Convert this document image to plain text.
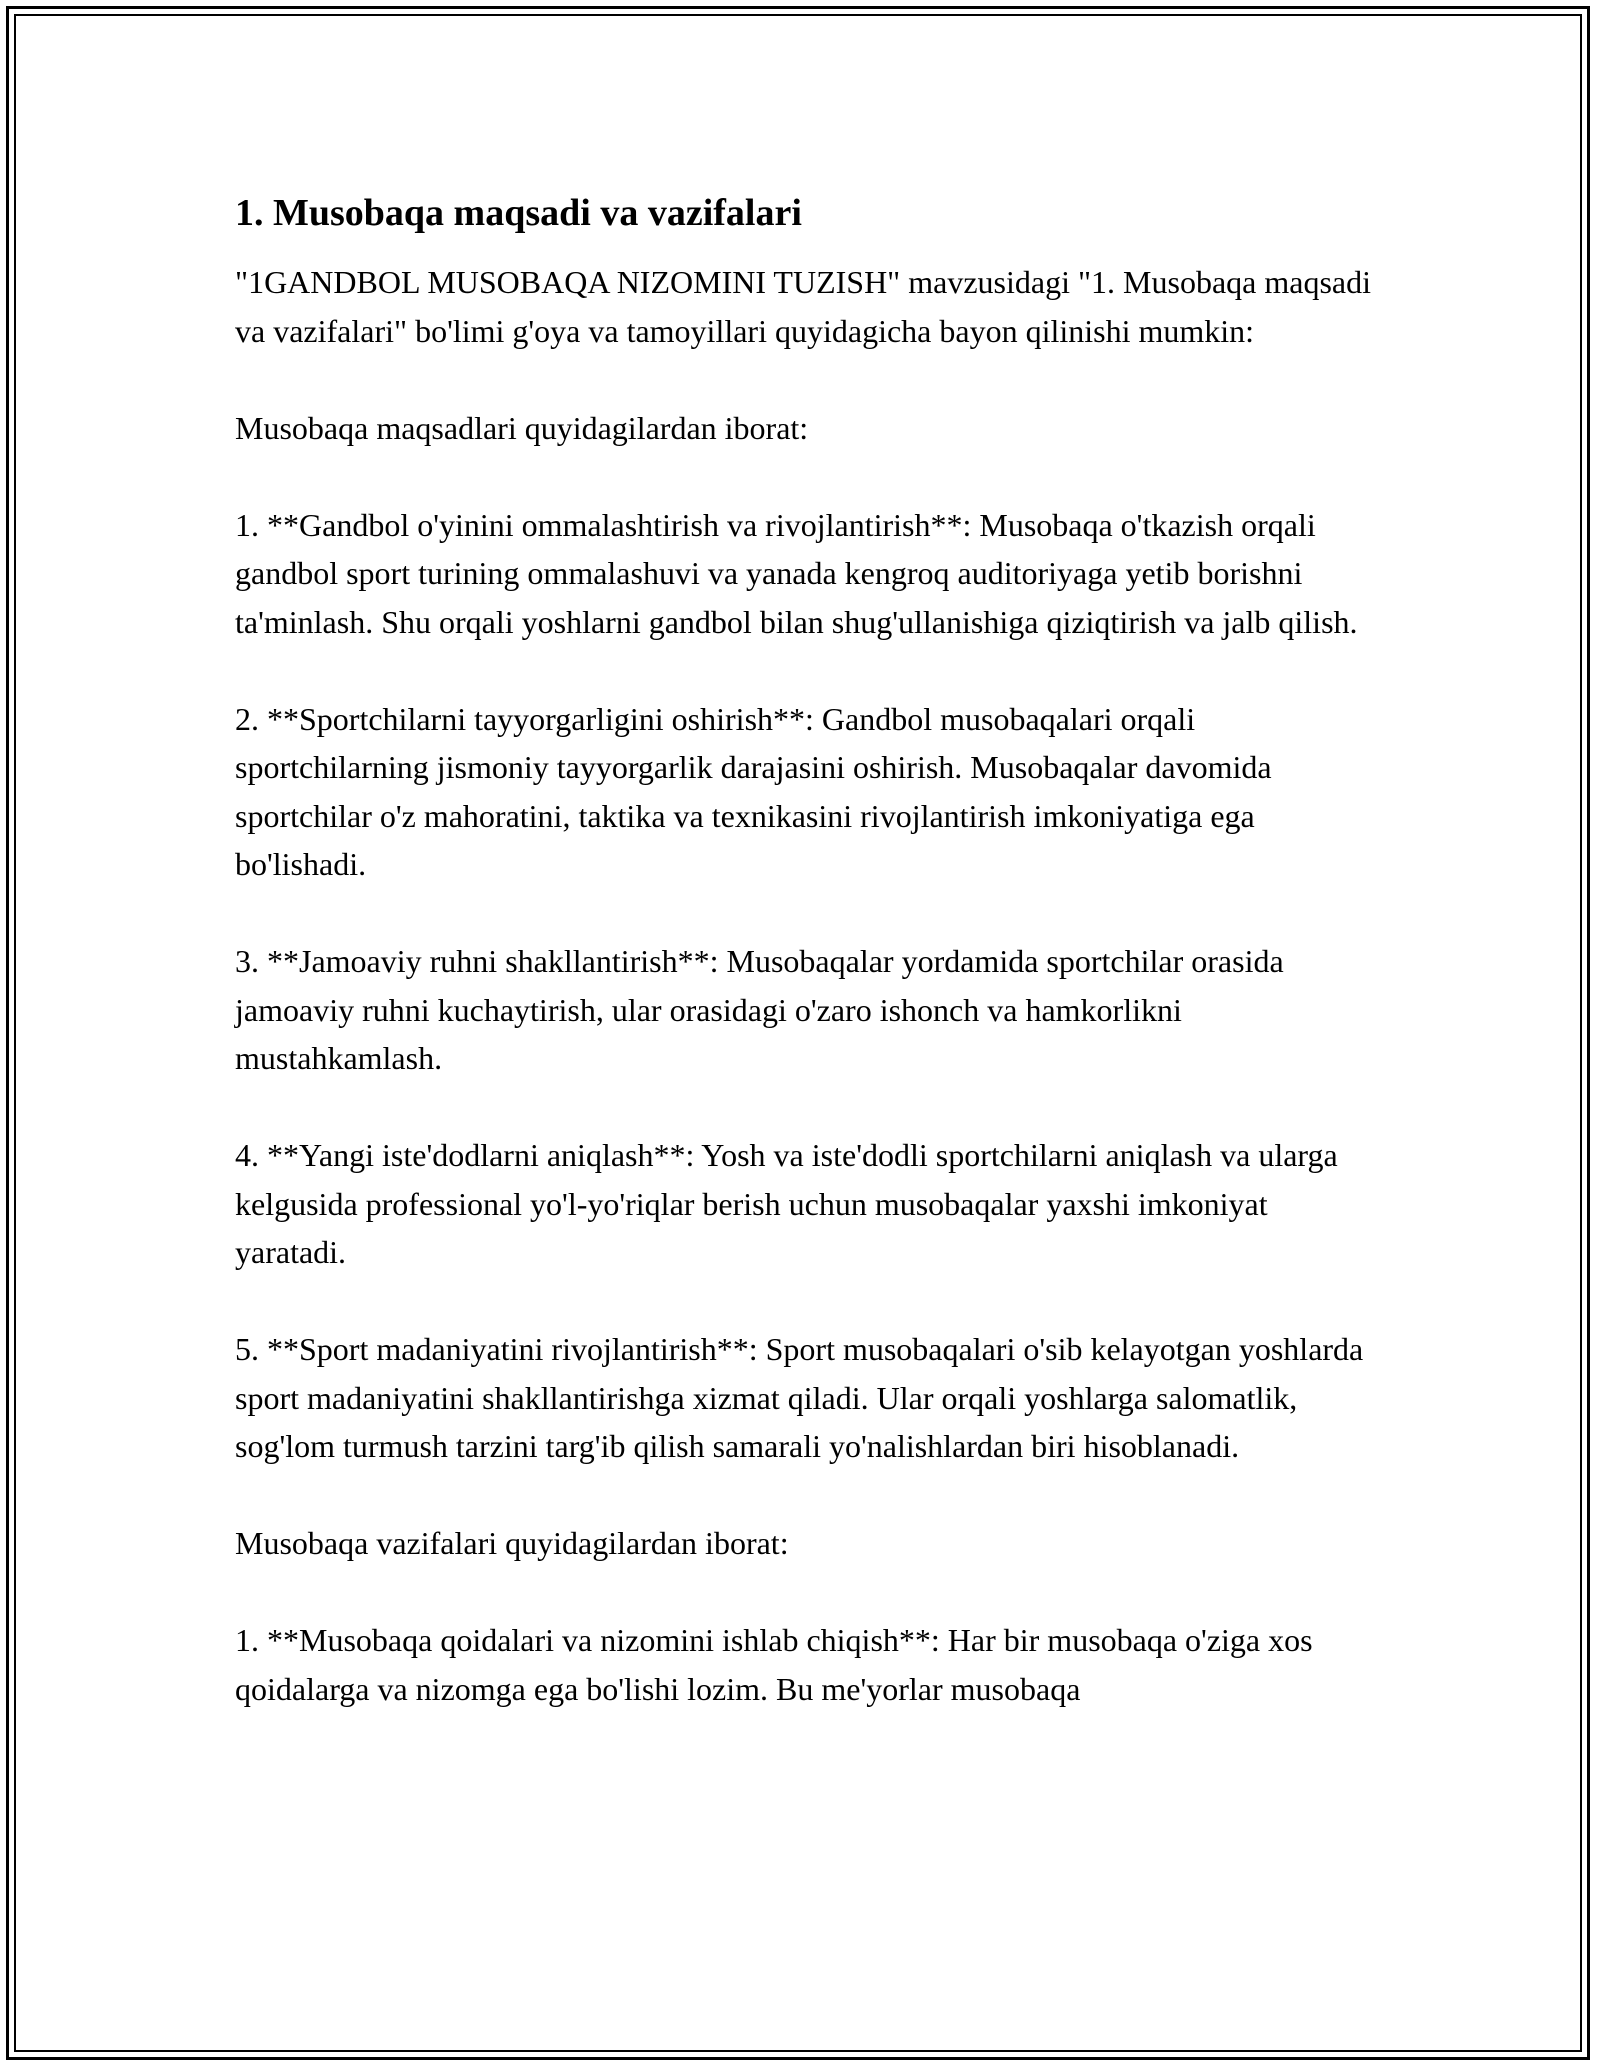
1. Musobaqa maqsadi va vazifalari

"1GANDBOL MUSOBAQA NIZOMINI TUZISH" mavzusidagi "1. Musobaqa maqsadi va vazifalari" bo'limi g'oya va tamoyillari quyidagicha bayon qilinishi mumkin:

Musobaqa maqsadlari quyidagilardan iborat:

1. **Gandbol o'yinini ommalashtirish va rivojlantirish**: Musobaqa o'tkazish orqali gandbol sport turining ommalashuvi va yanada kengroq auditoriyaga yetib borishni ta'minlash. Shu orqali yoshlarni gandbol bilan shug'ullanishiga qiziqtirish va jalb qilish.

2. **Sportchilarni tayyorgarligini oshirish**: Gandbol musobaqalari orqali sportchilarning jismoniy tayyorgarlik darajasini oshirish. Musobaqalar davomida sportchilar o'z mahoratini, taktika va texnikasini rivojlantirish imkoniyatiga ega bo'lishadi.

3. **Jamoaviy ruhni shakllantirish**: Musobaqalar yordamida sportchilar orasida jamoaviy ruhni kuchaytirish, ular orasidagi o'zaro ishonch va hamkorlikni mustahkamlash.

4. **Yangi iste'dodlarni aniqlash**: Yosh va iste'dodli sportchilarni aniqlash va ularga kelgusida professional yo'l-yo'riqlar berish uchun musobaqalar yaxshi imkoniyat yaratadi.

5. **Sport madaniyatini rivojlantirish**: Sport musobaqalari o'sib kelayotgan yoshlarda sport madaniyatini shakllantirishga xizmat qiladi. Ular orqali yoshlarga salomatlik, sog'lom turmush tarzini targ'ib qilish samarali yo'nalishlardan biri hisoblanadi.

Musobaqa vazifalari quyidagilardan iborat:

1. **Musobaqa qoidalari va nizomini ishlab chiqish**: Har bir musobaqa o'ziga xos qoidalarga va nizomga ega bo'lishi lozim. Bu me'yorlar musobaqa
